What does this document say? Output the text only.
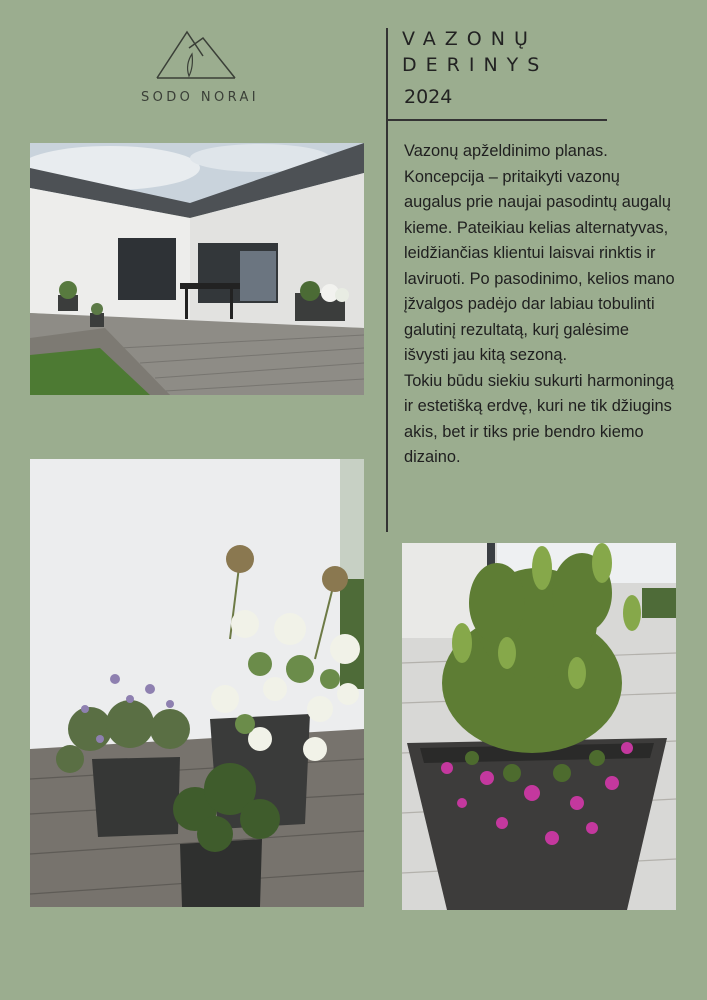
SODO NORAI
VAZONŲ
DERINYS
2024

Vazonų apželdinimo planas. Koncepcija – pritaikyti vazonų augalus prie naujai pasodintų augalų kieme. Pateikiau kelias alternatyvas, leidžiančias klientui laisvai rinktis ir laviruoti. Po pasodinimo, kelios mano įžvalgos padėjo dar labiau tobulinti galutinį rezultatą, kurį galėsime išvysti jau kitą sezoną.

Tokiu būdu siekiu sukurti harmoningą ir estetišką erdvę, kuri ne tik džiugins akis, bet ir tiks prie bendro kiemo dizaino.
